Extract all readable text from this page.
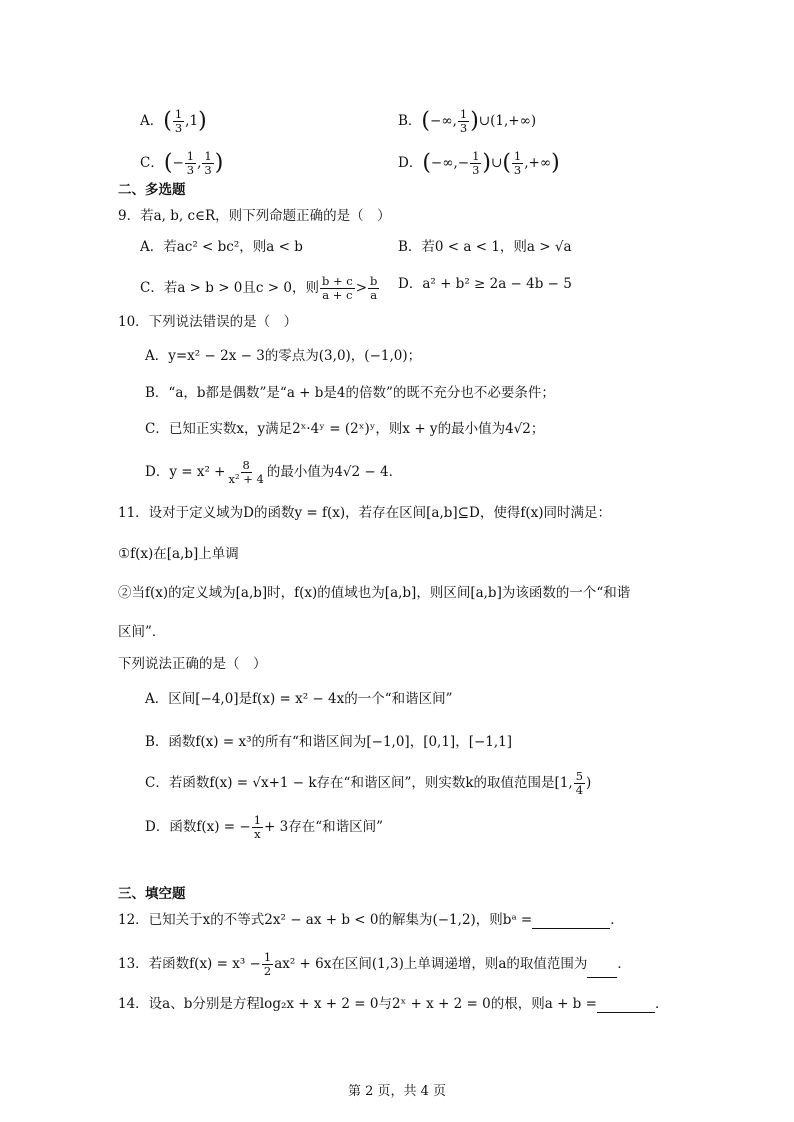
A．( $\frac{1}{3} ,1$)	B．(−∞, $\frac{1}{3}$ )∪(1,+∞)
C．(− $\frac{1}{3}$ , $\frac{1}{3}$ )	D．(−∞,− $\frac{1}{3}$ )∪( $\frac{1}{3}$ ,+∞)
二、多选题
9．若a, b, c∈R，则下列命题正确的是（　）
A．若ac² < bc²，则a < b	B．若0 < a < 1，则a > √a
C．若a > b > 0且c > 0，则 $\frac{b + c}{a + c} > \frac{b}{a}$ D．a² + b² ≥ 2a − 4b − 5
10．下列说法错误的是（　）
A．y=x² − 2x − 3的零点为(3,0)，(−1,0)；
B．“a，b都是偶数”是“a + b是4的倍数”的既不充分也不必要条件；
C．已知正实数x，y满足2ˣ·4ʸ = (2ˣ)ʸ，则x + y的最小值为4√2；
D．$y = x^2 + \frac{8}{\text{x² + 4}}$ 的最小值为4√2 − 4．
11．设对于定义域为D的函数y = f(x)，若存在区间[a,b]⊆D，使得f(x)同时满足：
①f(x)在[a,b]上单调
②当f(x)的定义域为[a,b]时，f(x)的值域也为[a,b]，则区间[a,b]为该函数的一个“和谐
区间”．
下列说法正确的是（　）
A．区间[−4,0]是f(x) = x² − 4x的一个“和谐区间”
B．函数f(x) = x³的所有“和谐区间为[−1,0]，[0,1]，[−1,1]
C．若函数f(x) = √x+1 − k存在“和谐区间”，则实数k的取值范围是[1, $\frac{5}{4}$ )
D．函数f(x) = − $\frac{1}{x} + 3$存在“和谐区间”
三、填空题
12．已知关于x的不等式2x² − ax + b < 0的解集为(−1,2)，则bᵃ =	．
13．若函数$f(x) = x^3 - \frac{1}{2} ax^2 + 6x$在区间(1,3)上单调递增，则a的取值范围为 ．
14．设a、b分别是方程log₂x + x + 2 = 0与2ˣ + x + 2 = 0的根，则a + b =	．
第 2 页，共 4 页
